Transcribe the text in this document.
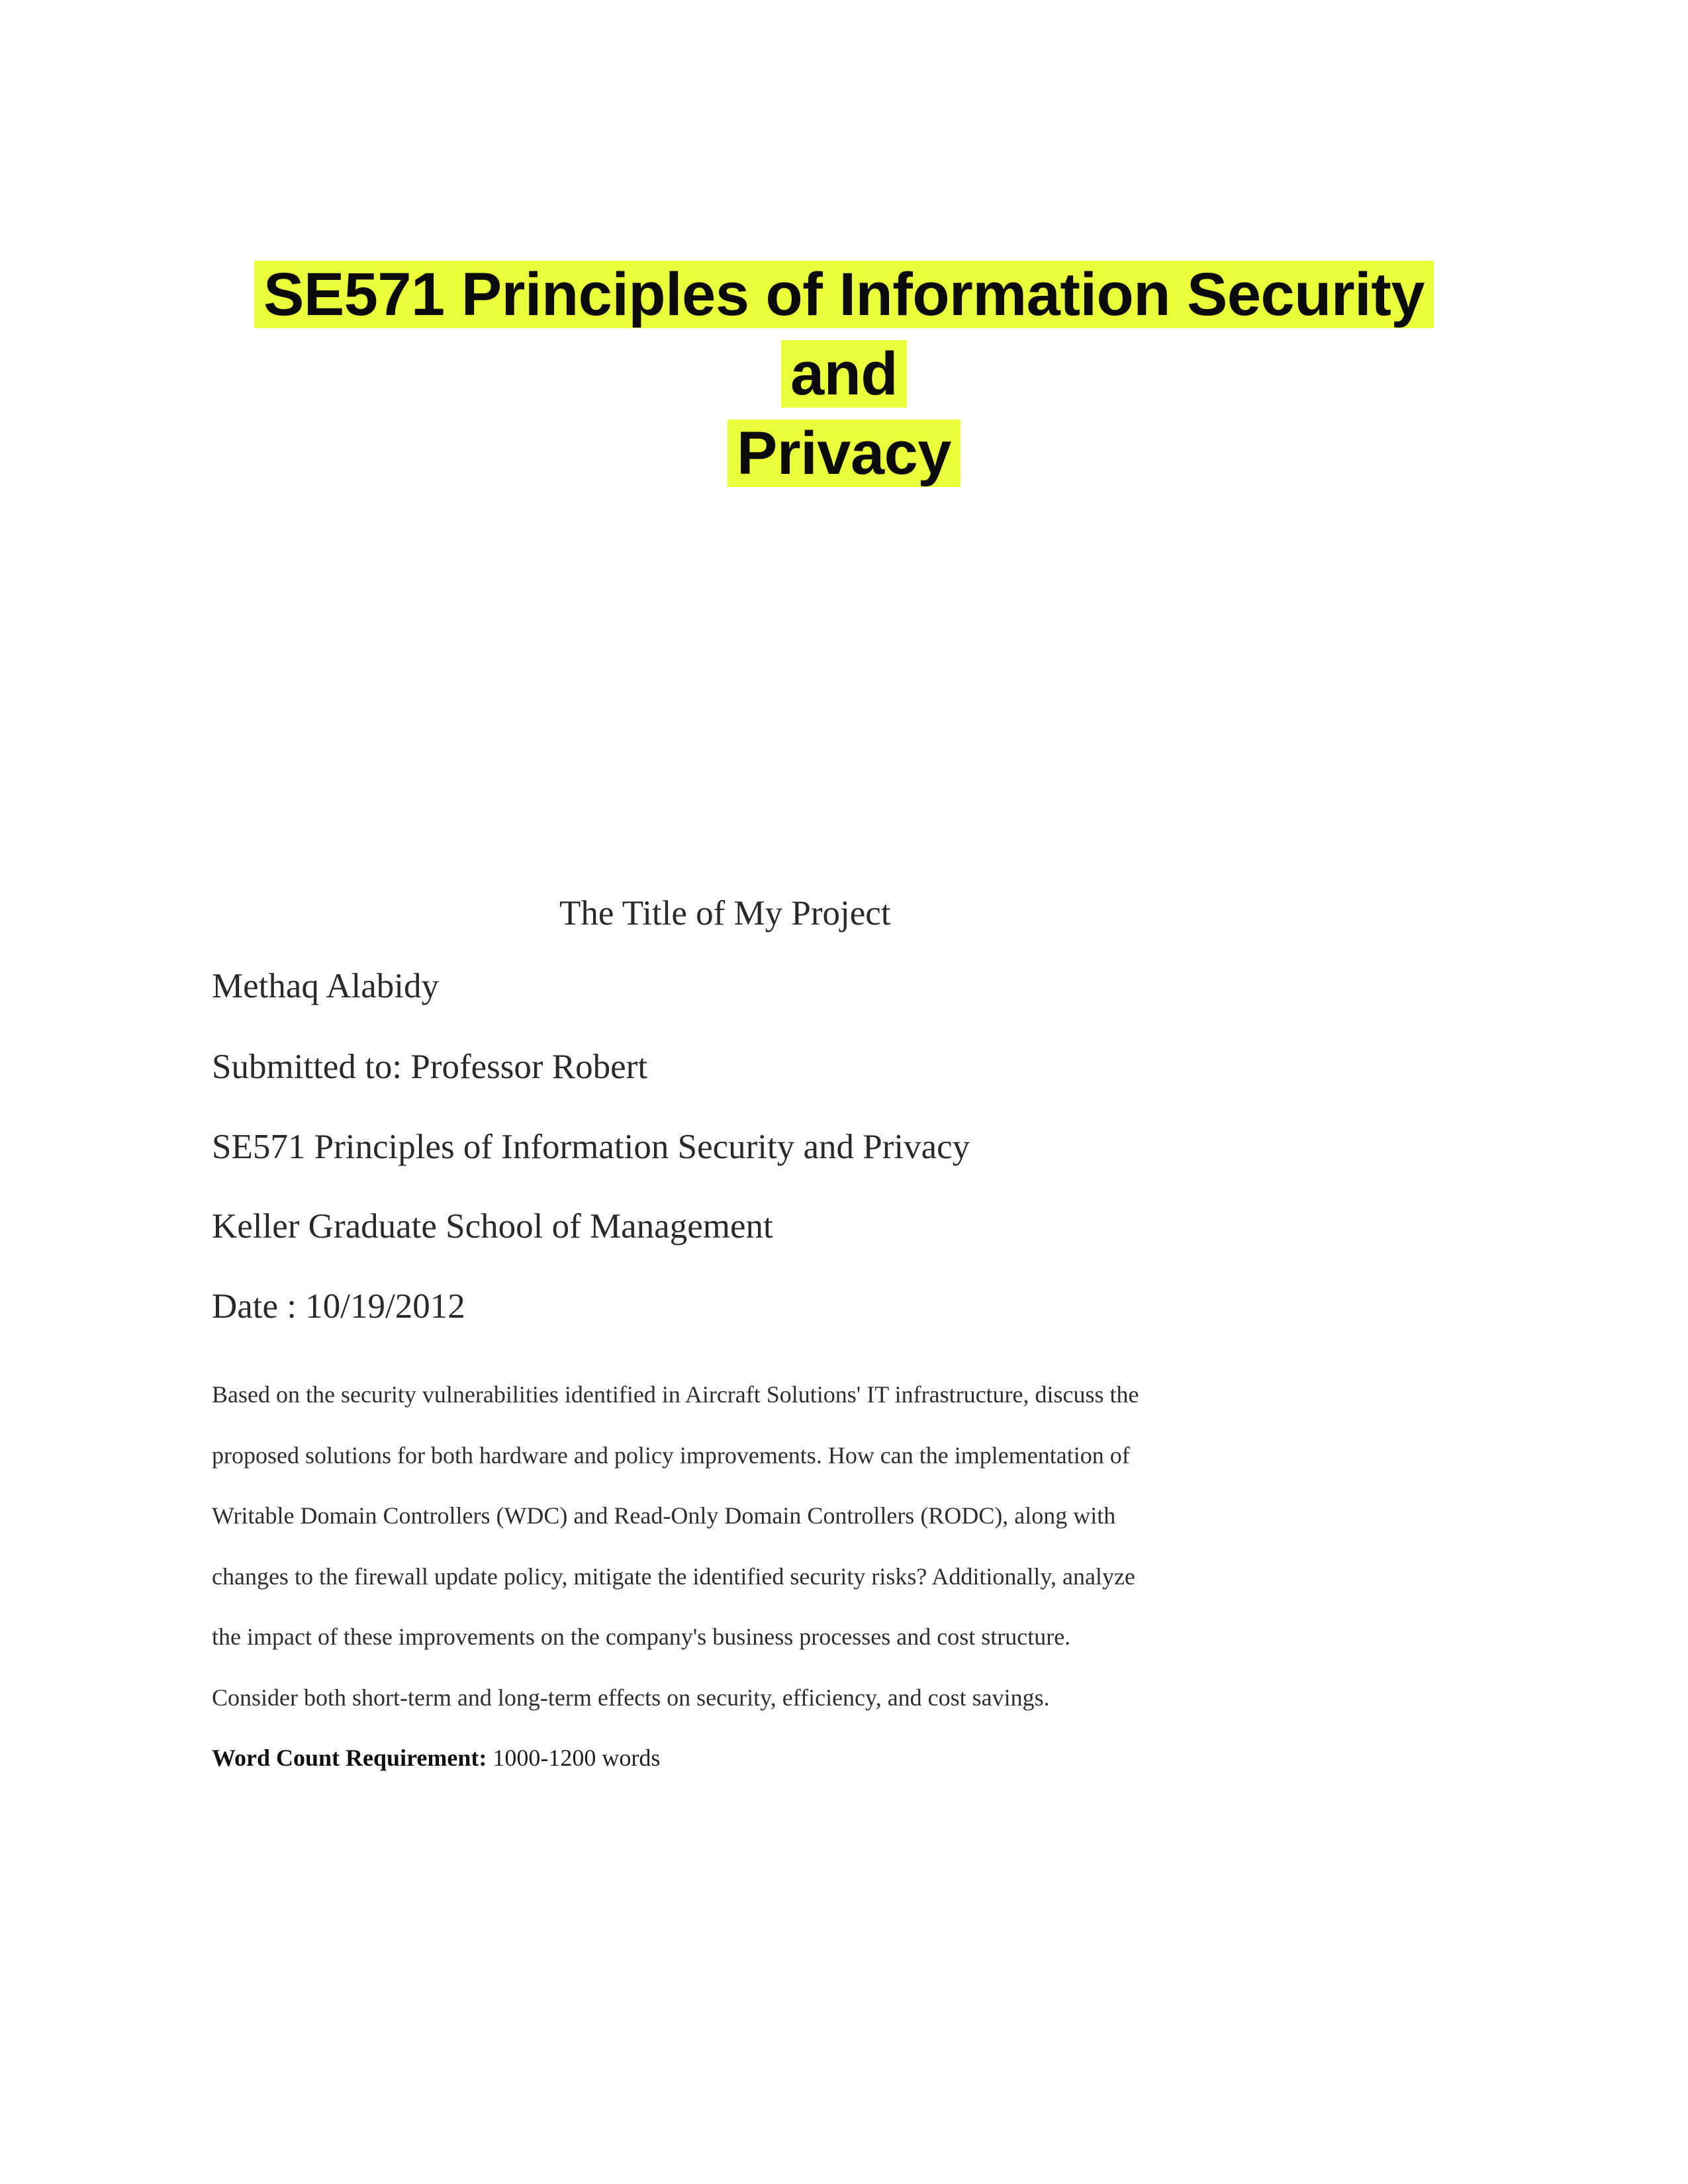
SE571 Principles of Information Security and
Privacy
The Title of My Project
Methaq Alabidy
Submitted to: Professor Robert
SE571 Principles of Information Security and Privacy
Keller Graduate School of Management
Date : 10/19/2012
Based on the security vulnerabilities identified in Aircraft Solutions' IT infrastructure, discuss the
proposed solutions for both hardware and policy improvements. How can the implementation of
Writable Domain Controllers (WDC) and Read-Only Domain Controllers (RODC), along with
changes to the firewall update policy, mitigate the identified security risks? Additionally, analyze
the impact of these improvements on the company's business processes and cost structure.
Consider both short-term and long-term effects on security, efficiency, and cost savings.
Word Count Requirement: 1000-1200 words
